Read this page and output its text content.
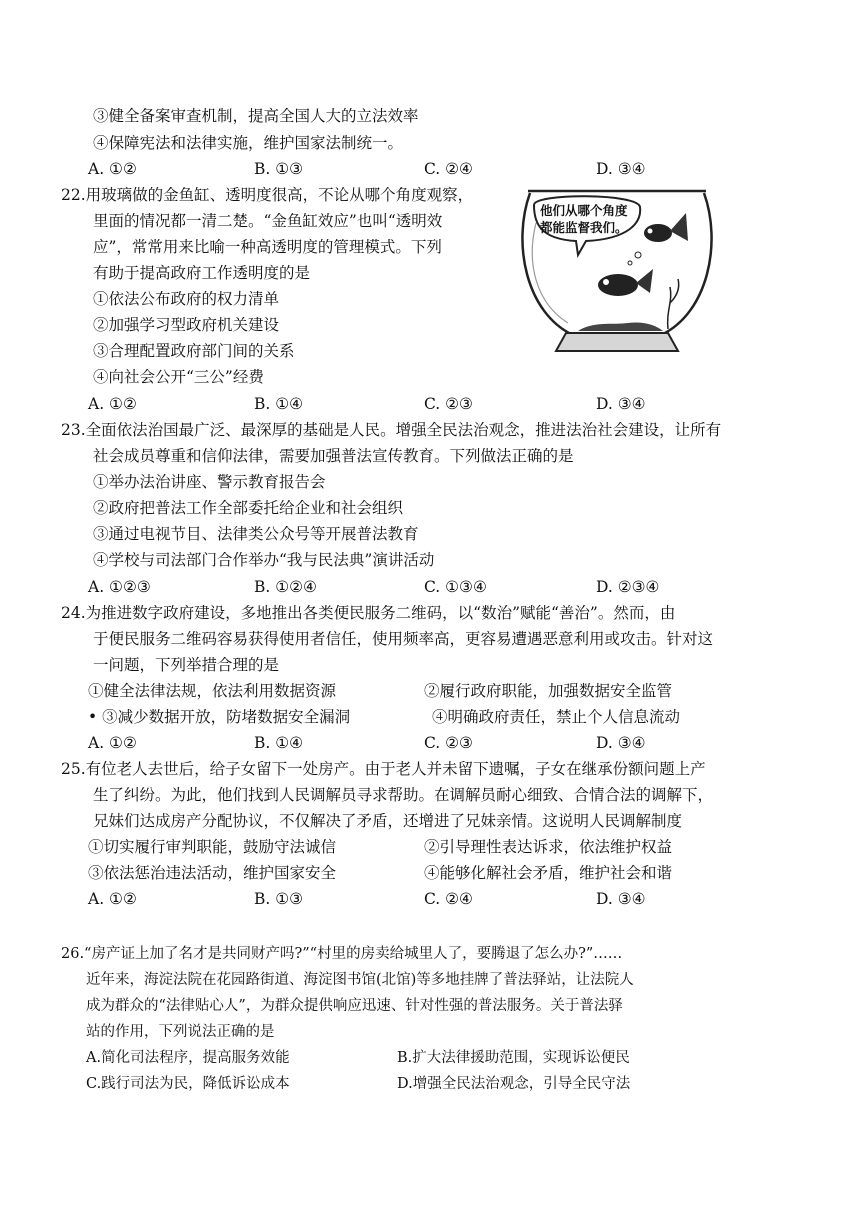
③健全备案审查机制，提高全国人大的立法效率
④保障宪法和法律实施，维护国家法制统一。
A. ①②	B. ①③	C. ②④	D. ③④
22.用玻璃做的金鱼缸、透明度很高，不论从哪个角度观察，
里面的情况都一清二楚。“金鱼缸效应”也叫“透明效
应”，常常用来比喻一种高透明度的管理模式。下列
有助于提高政府工作透明度的是
①依法公布政府的权力清单
②加强学习型政府机关建设
③合理配置政府部门间的关系
④向社会公开“三公”经费
A. ①②	B. ①④	C. ②③	D. ③④
他们从哪个角度
都能监督我们。
23.全面依法治国最广泛、最深厚的基础是人民。增强全民法治观念，推进法治社会建设，让所有
社会成员尊重和信仰法律，需要加强普法宣传教育。下列做法正确的是
①举办法治讲座、警示教育报告会
②政府把普法工作全部委托给企业和社会组织
③通过电视节目、法律类公众号等开展普法教育
④学校与司法部门合作举办“我与民法典”演讲活动
A. ①②③	B. ①②④	C. ①③④	D. ②③④
24.为推进数字政府建设，多地推出各类便民服务二维码，以“数治”赋能“善治”。然而，由
于便民服务二维码容易获得使用者信任，使用频率高，更容易遭遇恶意利用或攻击。针对这
一问题，下列举措合理的是
①健全法律法规，依法利用数据资源	②履行政府职能，加强数据安全监管
• ③减少数据开放，防堵数据安全漏洞	④明确政府责任，禁止个人信息流动
A. ①②	B. ①④	C. ②③	D. ③④
25.有位老人去世后，给子女留下一处房产。由于老人并未留下遗嘱，子女在继承份额问题上产
生了纠纷。为此，他们找到人民调解员寻求帮助。在调解员耐心细致、合情合法的调解下，
兄妹们达成房产分配协议，不仅解决了矛盾，还增进了兄妹亲情。这说明人民调解制度
①切实履行审判职能，鼓励守法诚信	②引导理性表达诉求，依法维护权益
③依法惩治违法活动，维护国家安全	④能够化解社会矛盾，维护社会和谐
A. ①②	B. ①③	C. ②④	D. ③④
26.“房产证上加了名才是共同财产吗?”“村里的房卖给城里人了，要腾退了怎么办?”……
近年来，海淀法院在花园路街道、海淀图书馆(北馆)等多地挂牌了普法驿站，让法院人
成为群众的“法律贴心人”，为群众提供响应迅速、针对性强的普法服务。关于普法驿
站的作用，下列说法正确的是
A.简化司法程序，提高服务效能	B.扩大法律援助范围，实现诉讼便民
C.践行司法为民，降低诉讼成本	D.增强全民法治观念，引导全民守法
